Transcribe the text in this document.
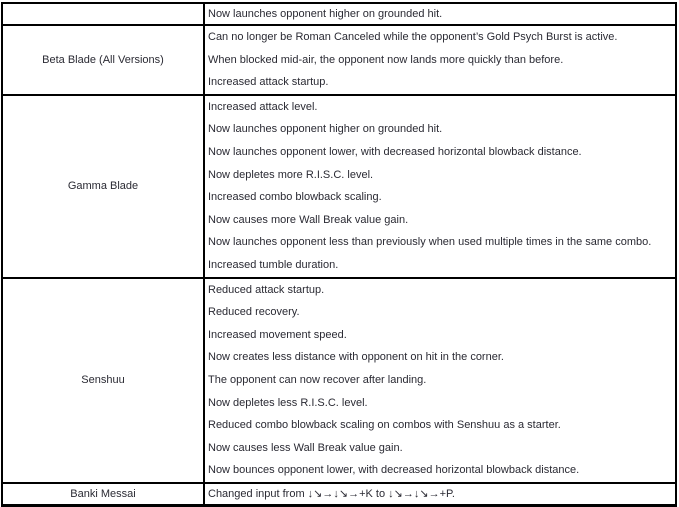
Now launches opponent higher on grounded hit.
Beta Blade (All Versions)
Can no longer be Roman Canceled while the opponent’s Gold Psych Burst is active.
When blocked mid-air, the opponent now lands more quickly than before.
Increased attack startup.
Gamma Blade
Increased attack level.
Now launches opponent higher on grounded hit.
Now launches opponent lower, with decreased horizontal blowback distance.
Now depletes more R.I.S.C. level.
Increased combo blowback scaling.
Now causes more Wall Break value gain.
Now launches opponent less than previously when used multiple times in the same combo.
Increased tumble duration.
Senshuu
Reduced attack startup.
Reduced recovery.
Increased movement speed.
Now creates less distance with opponent on hit in the corner.
The opponent can now recover after landing.
Now depletes less R.I.S.C. level.
Reduced combo blowback scaling on combos with Senshuu as a starter.
Now causes less Wall Break value gain.
Now bounces opponent lower, with decreased horizontal blowback distance.
Banki Messai	Changed input from ↓↘→↓↘→+K to ↓↘→↓↘→+P.
